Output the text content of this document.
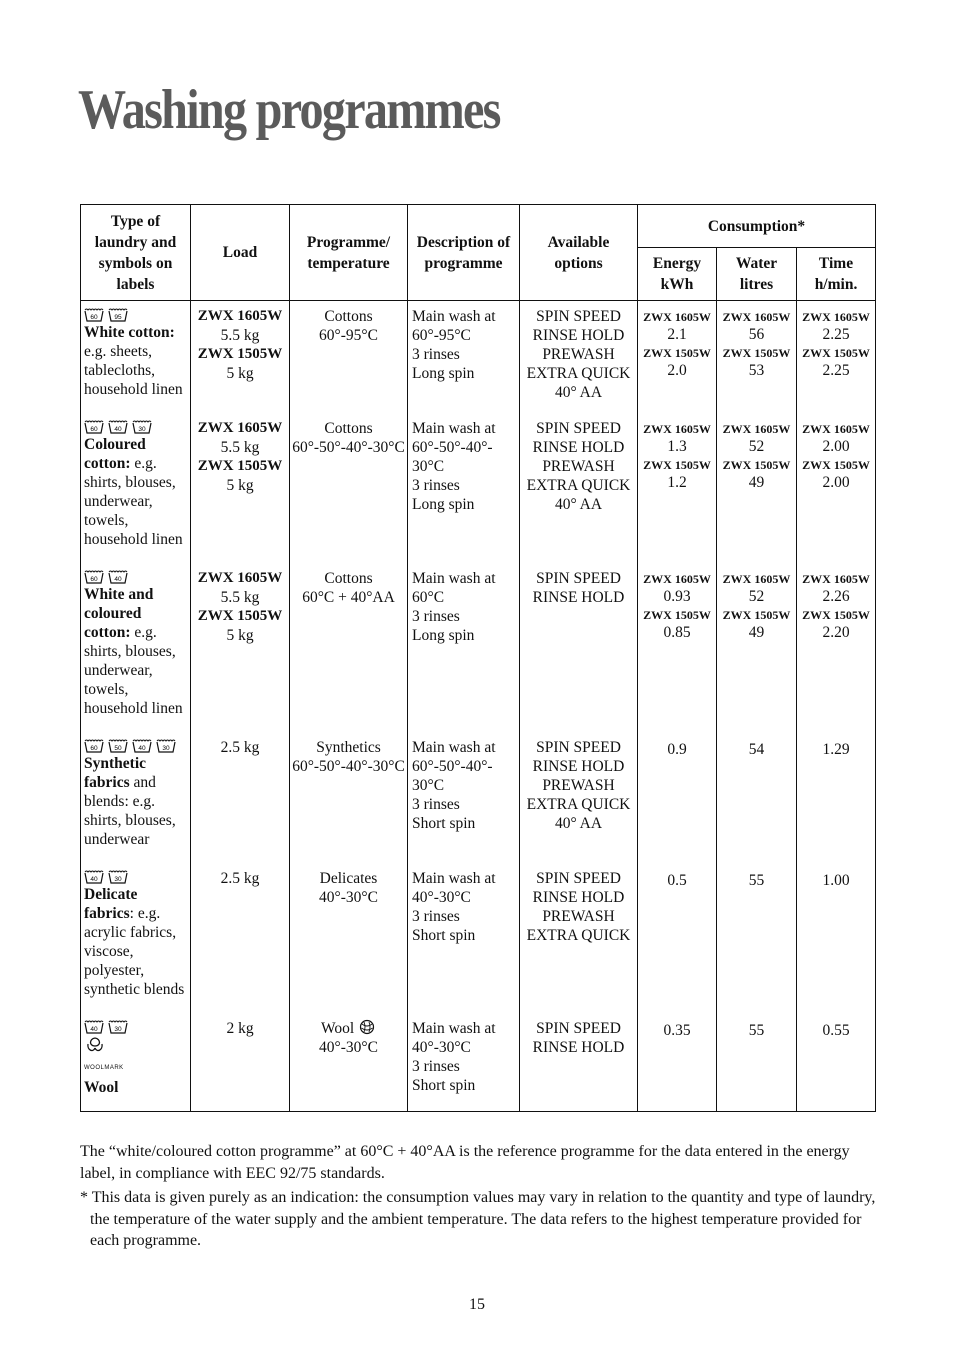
Washing programmes
Type of laundry and symbols on labels	Load	Programme/ temperature	Description of programme	Available options	Consumption*		
					Energy kWh	Water litres	Time h/min.

60 95
White cotton: e.g. sheets, tablecloths, household linen	ZWX 1605W
5.5 kg
ZWX 1505W
5 kg	Cottons
60°-95°C	Main wash at
60°-95°C
3 rinses
Long spin	SPIN SPEED
RINSE HOLD
PREWASH
EXTRA QUICK
40° AA	ZWX 1605W
2.1
ZWX 1505W
2.0	ZWX 1605W
56
ZWX 1505W
53	ZWX 1605W
2.25
ZWX 1505W
2.25

60 40 30
Coloured cotton: e.g. shirts, blouses, underwear, towels, household linen	ZWX 1605W
5.5 kg
ZWX 1505W
5 kg	Cottons
60°-50°-40°-30°C	Main wash at
60°-50°-40°-
30°C
3 rinses
Long spin	SPIN SPEED
RINSE HOLD
PREWASH
EXTRA QUICK
40° AA	ZWX 1605W
1.3
ZWX 1505W
1.2	ZWX 1605W
52
ZWX 1505W
49	ZWX 1605W
2.00
ZWX 1505W
2.00

60 40
White and coloured cotton: e.g. shirts, blouses, underwear, towels, household linen	ZWX 1605W
5.5 kg
ZWX 1505W
5 kg	Cottons
60°C + 40°AA	Main wash at
60°C
3 rinses
Long spin	SPIN SPEED
RINSE HOLD	ZWX 1605W
0.93
ZWX 1505W
0.85	ZWX 1605W
52
ZWX 1505W
49	ZWX 1605W
2.26
ZWX 1505W
2.20

60 50 40 30
Synthetic fabrics and blends: e.g. shirts, blouses, underwear	2.5 kg	Synthetics
60°-50°-40°-30°C	Main wash at
60°-50°-40°-
30°C
3 rinses
Short spin	SPIN SPEED
RINSE HOLD
PREWASH
EXTRA QUICK
40° AA	0.9	54	1.29

40 30
Delicate fabrics: e.g. acrylic fabrics, viscose, polyester, synthetic blends	2.5 kg	Delicates
40°-30°C	Main wash at
40°-30°C
3 rinses
Short spin	SPIN SPEED
RINSE HOLD
PREWASH
EXTRA QUICK	0.5	55	1.00

40 30
WOOLMARK
Wool	2 kg	Wool
40°-30°C	Main wash at
40°-30°C
3 rinses
Short spin	SPIN SPEED
RINSE HOLD	0.35	55	0.55

The “white/coloured cotton programme” at 60°C + 40°AA is the reference programme for the data entered in the energy label, in compliance with EEC 92/75 standards.

* This data is given purely as an indication: the consumption values may vary in relation to the quantity and type of laundry, the temperature of the water supply and the ambient temperature. The data refers to the highest temperature provided for each programme.

15
